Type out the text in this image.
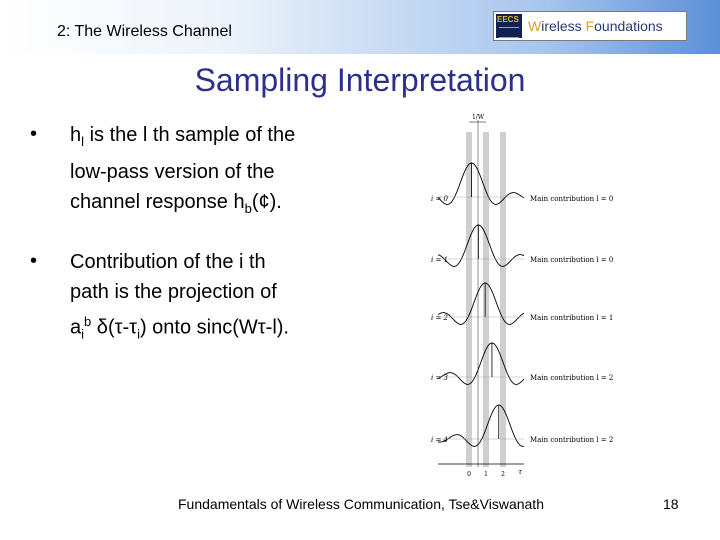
2: The Wireless Channel
EECS Wireless Foundations
Sampling Interpretation
• $h_l$ is the l th sample of the
low-pass version of the
channel response $h_b(¢)$.
• Contribution of the i th
path is the projection of
$a_i^b$ $\delta(\tau-\tau_i)$ onto sinc(Wτ-l).
1/W
0 1 2 τ
i = 0	Main contribution l = 0
i = 1	Main contribution l = 0
i = 2	Main contribution l = 1
i = 3	Main contribution l = 2
i = 4	Main contribution l = 2
Fundamentals of Wireless Communication, Tse&Viswanath	18
